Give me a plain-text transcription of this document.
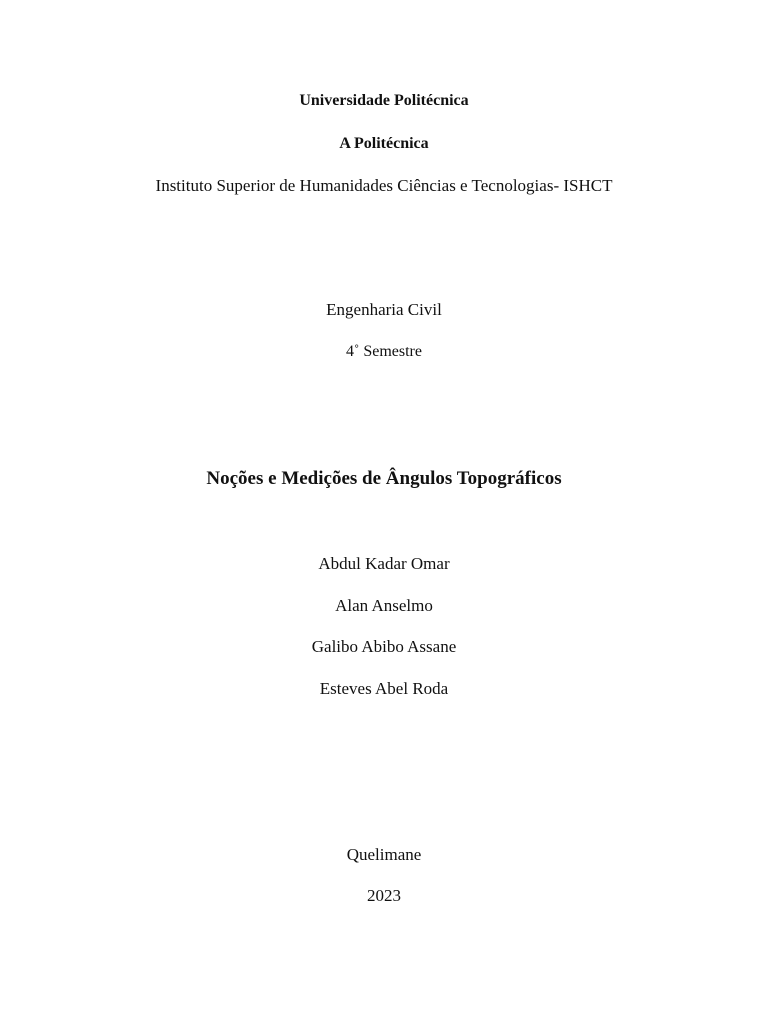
Universidade Politécnica
A Politécnica
Instituto Superior de Humanidades Ciências e Tecnologias- ISHCT
Engenharia Civil
4˚ Semestre
Noções e Medições de Ângulos Topográficos
Abdul Kadar Omar
Alan Anselmo
Galibo Abibo Assane
Esteves Abel Roda
Quelimane
2023
